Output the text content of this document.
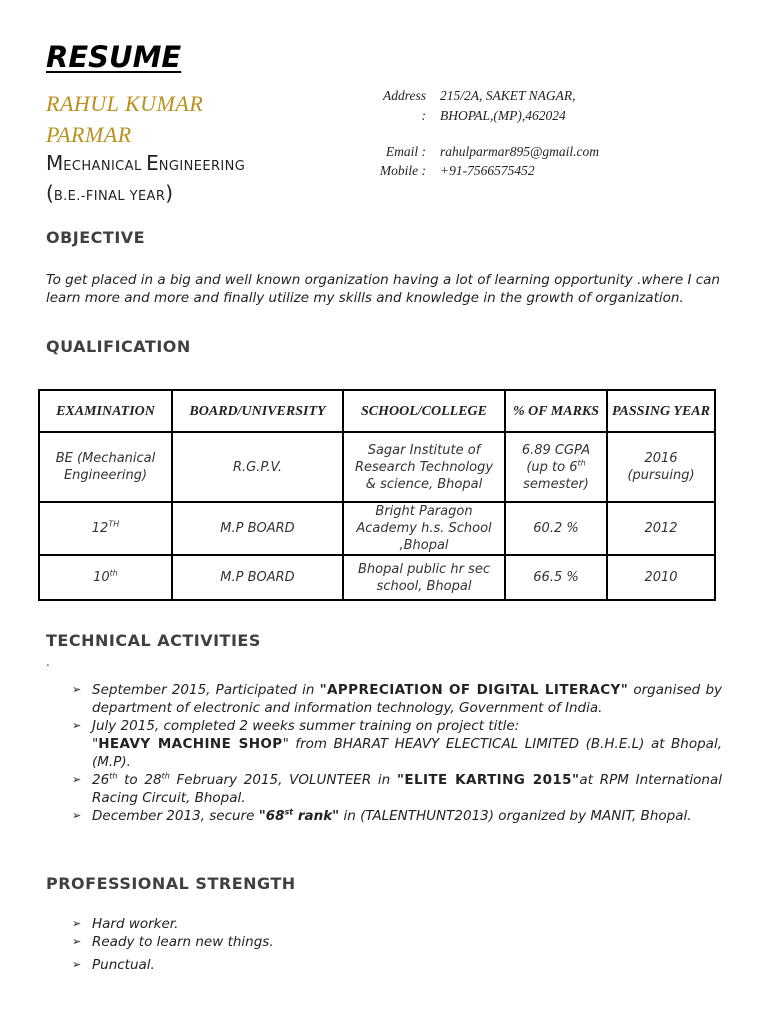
RESUME
RAHUL KUMAR
PARMAR
MECHANICAL ENGINEERING
(B.E.-FINAL YEAR)
Address 215/2A, SAKET NAGAR,
: BHOPAL,(MP),462024
Email : rahulparmar895@gmail.com
Mobile : +91-7566575452
OBJECTIVE
To get placed in a big and well known organization having a lot of learning opportunity .where I can learn more and more and finally utilize my skills and knowledge in the growth of organization.
QUALIFICATION
EXAMINATION	BOARD/UNIVERSITY	SCHOOL/COLLEGE	% OF MARKS	PASSING YEAR
BE (Mechanical Engineering)	R.G.P.V.	Sagar Institute of Research Technology & science, Bhopal	6.89 CGPA (up to 6th semester)	2016 (pursuing)
12TH	M.P BOARD	Bright Paragon Academy h.s. School ,Bhopal	60.2 %	2012
10th	M.P BOARD	Bhopal public hr sec school, Bhopal	66.5 %	2010
TECHNICAL ACTIVITIES
.
➢ September 2015, Participated in "APPRECIATION OF DIGITAL LITERACY" organised by department of electronic and information technology, Government of India.
➢ July 2015, completed 2 weeks summer training on project title:
"HEAVY MACHINE SHOP" from BHARAT HEAVY ELECTICAL LIMITED (B.H.E.L) at Bhopal, (M.P).
➢ 26th to 28th February 2015, VOLUNTEER in "ELITE KARTING 2015"at RPM International Racing Circuit, Bhopal.
➢ December 2013, secure "68st rank" in (TALENTHUNT2013) organized by MANIT, Bhopal.
PROFESSIONAL STRENGTH
➢ Hard worker.
➢ Ready to learn new things.
➢ Punctual.
